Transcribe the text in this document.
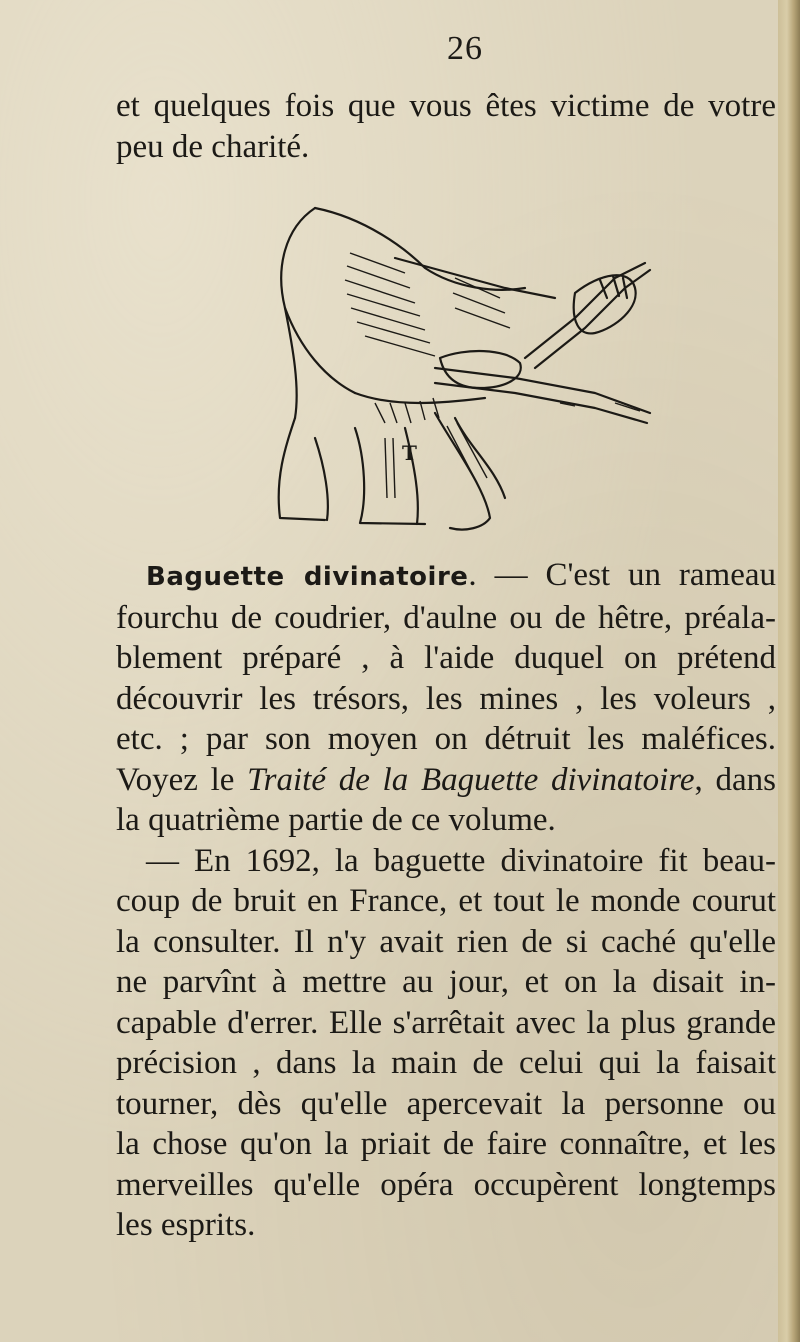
26
et quelques fois que vous êtes victime de votre
peu de charité.
T
Baguette divinatoire. — C'est un rameau
fourchu de coudrier, d'aulne ou de hêtre, préala-
blement préparé , à l'aide duquel on prétend
découvrir les trésors, les mines , les voleurs ,
etc. ; par son moyen on détruit les maléfices.
Voyez le Traité de la Baguette divinatoire, dans
la quatrième partie de ce volume.
— En 1692, la baguette divinatoire fit beau-
coup de bruit en France, et tout le monde courut
la consulter. Il n'y avait rien de si caché qu'elle
ne parvînt à mettre au jour, et on la disait in-
capable d'errer. Elle s'arrêtait avec la plus grande
précision , dans la main de celui qui la faisait
tourner, dès qu'elle apercevait la personne ou
la chose qu'on la priait de faire connaître, et les
merveilles qu'elle opéra occupèrent longtemps
les esprits.
